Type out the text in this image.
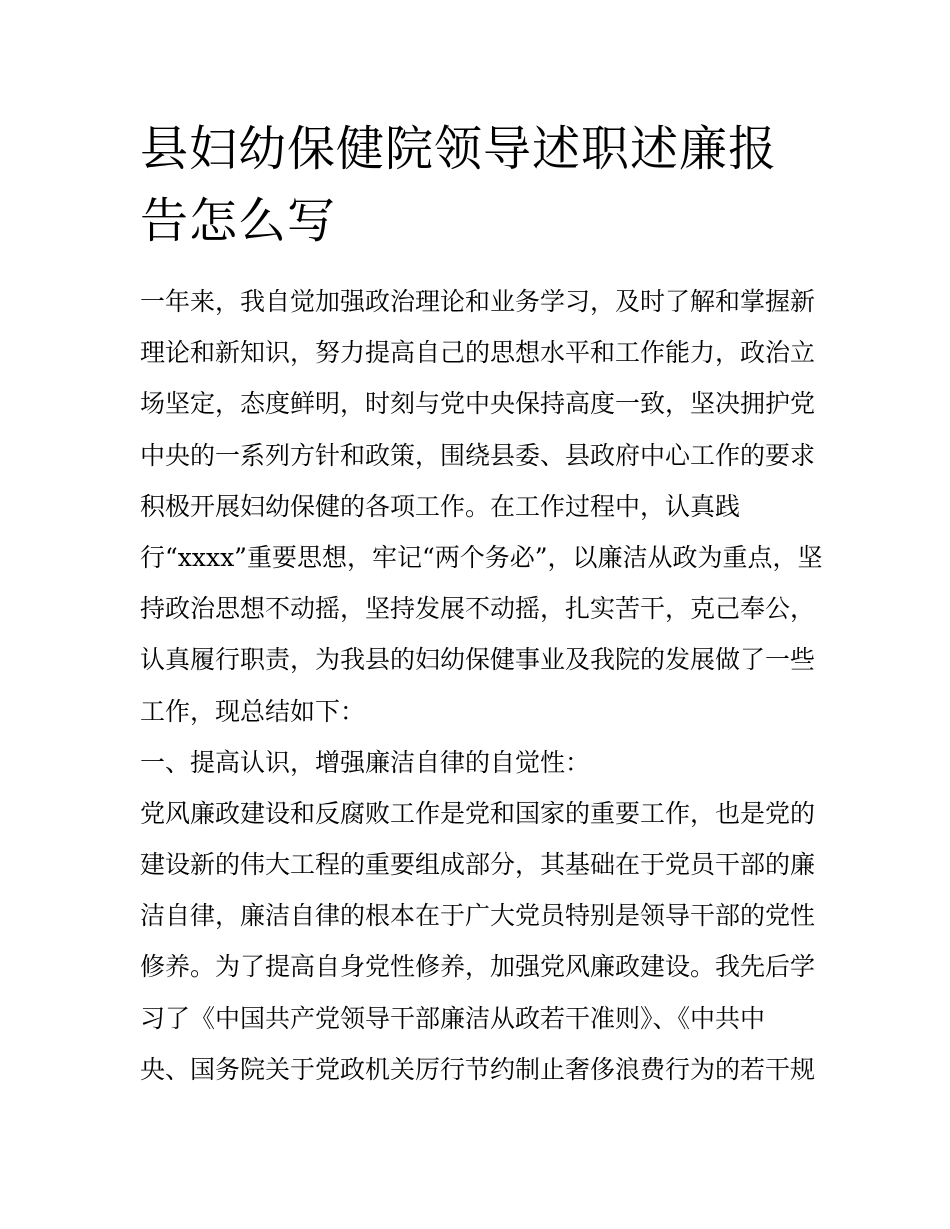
县妇幼保健院领导述职述廉报
告怎么写
一年来，我自觉加强政治理论和业务学习，及时了解和掌握新
理论和新知识，努力提高自己的思想水平和工作能力，政治立
场坚定，态度鲜明，时刻与党中央保持高度一致，坚决拥护党
中央的一系列方针和政策，围绕县委、县政府中心工作的要求
积极开展妇幼保健的各项工作。在工作过程中，认真践
行“xxxx”重要思想，牢记“两个务必”，以廉洁从政为重点，坚
持政治思想不动摇，坚持发展不动摇，扎实苦干，克己奉公，
认真履行职责，为我县的妇幼保健事业及我院的发展做了一些
工作，现总结如下：
一、提高认识，增强廉洁自律的自觉性：
党风廉政建设和反腐败工作是党和国家的重要工作，也是党的
建设新的伟大工程的重要组成部分，其基础在于党员干部的廉
洁自律，廉洁自律的根本在于广大党员特别是领导干部的党性
修养。为了提高自身党性修养，加强党风廉政建设。我先后学
习了《中国共产党领导干部廉洁从政若干准则》、《中共中
央、国务院关于党政机关厉行节约制止奢侈浪费行为的若干规
